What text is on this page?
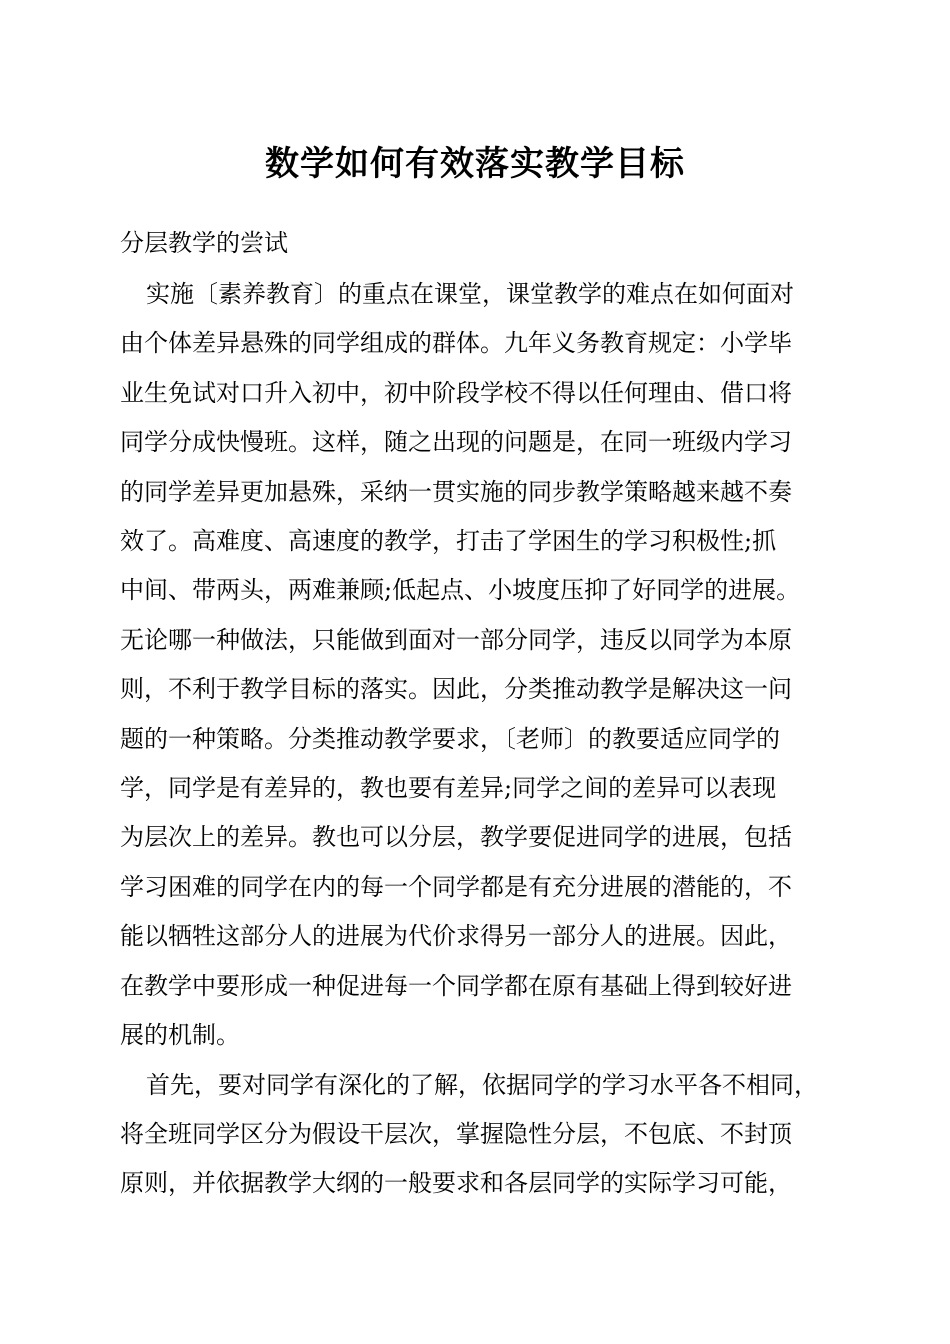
数学如何有效落实教学目标

分层教学的尝试

实施〔素养教育〕的重点在课堂，课堂教学的难点在如何面对
由个体差异悬殊的同学组成的群体。九年义务教育规定：小学毕
业生免试对口升入初中，初中阶段学校不得以任何理由、借口将
同学分成快慢班。这样，随之出现的问题是，在同一班级内学习
的同学差异更加悬殊，采纳一贯实施的同步教学策略越来越不奏
效了。高难度、高速度的教学，打击了学困生的学习积极性;抓
中间、带两头，两难兼顾;低起点、小坡度压抑了好同学的进展。
无论哪一种做法，只能做到面对一部分同学，违反以同学为本原
则，不利于教学目标的落实。因此，分类推动教学是解决这一问
题的一种策略。分类推动教学要求，〔老师〕的教要适应同学的
学，同学是有差异的，教也要有差异;同学之间的差异可以表现
为层次上的差异。教也可以分层，教学要促进同学的进展，包括
学习困难的同学在内的每一个同学都是有充分进展的潜能的，不
能以牺牲这部分人的进展为代价求得另一部分人的进展。因此，
在教学中要形成一种促进每一个同学都在原有基础上得到较好进
展的机制。

首先，要对同学有深化的了解，依据同学的学习水平各不相同，
将全班同学区分为假设干层次，掌握隐性分层，不包底、不封顶
原则，并依据教学大纲的一般要求和各层同学的实际学习可能，
